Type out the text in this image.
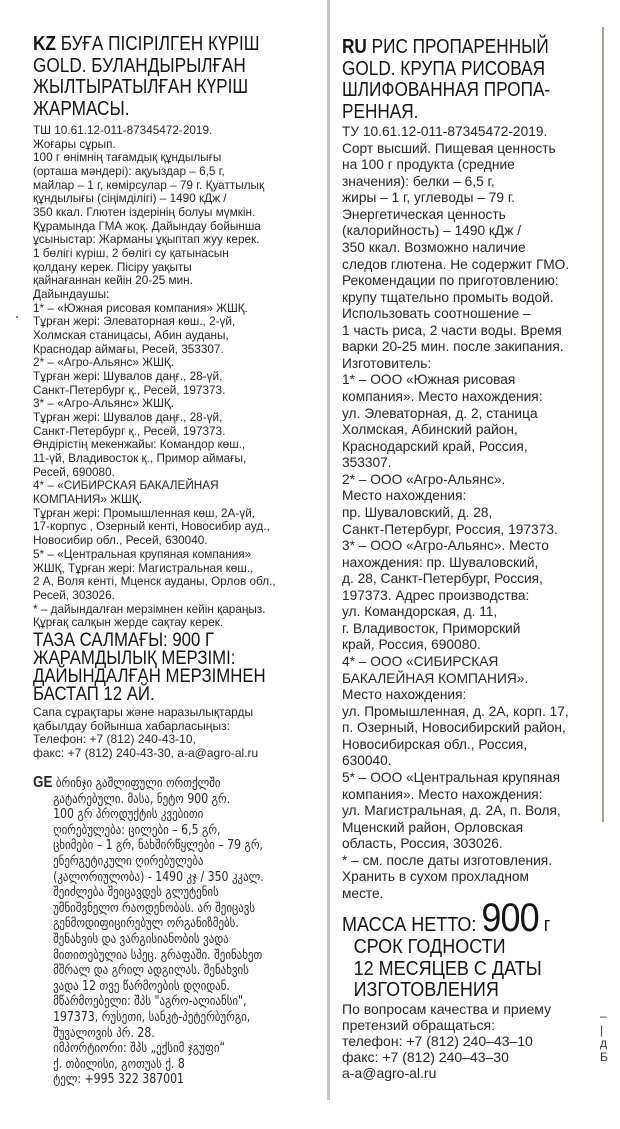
KZ БУҒА ПІСІРІЛГЕН КҮРІШ
GOLD. БУЛАНДЫРЫЛҒАН
ЖЫЛТЫРАТЫЛҒАН КҮРІШ
ЖАРМАСЫ.
ТШ 10.61.12-011-87345472-2019.
Жоғары сұрып.
100 г өнімнің тағамдық құндылығы
(орташа мәндері): ақуыздар – 6,5 г,
майлар – 1 г, көмірсулар – 79 г. Қуаттылық
құндылығы (сіңімділігі) – 1490 кДж /
350 ккал. Глютен іздерінің болуы мүмкін.
Құрамында ГМА жоқ. Дайындау бойынша
ұсыныстар: Жарманы ұқыптап жуу керек.
1 бөлігі күріш, 2 бөлігі су қатынасын
қолдану керек. Пісіру уақыты
қайнағаннан кейін 20-25 мин.
Дайындаушы:
1* – «Южная рисовая компания» ЖШҚ.
Тұрған жері: Элеваторная көш., 2-үй,
Холмская станицасы, Абин ауданы,
Краснодар аймағы, Ресей, 353307.
2* – «Агро-Альянс» ЖШҚ.
Тұрған жері: Шувалов даңғ., 28-үй,
Санкт-Петербург қ., Ресей, 197373.
3* – «Агро-Альянс» ЖШҚ.
Тұрған жері: Шувалов даңғ., 28-үй,
Санкт-Петербург қ., Ресей, 197373.
Өндірістің мекенжайы: Командор көш.,
11-үй, Владивосток қ., Примор аймағы,
Ресей, 690080.
4* – «СИБИРСКАЯ БАКАЛЕЙНАЯ
КОМПАНИЯ» ЖШҚ.
Тұрған жері: Промышленная көш, 2А-үй,
17-корпус , Озерный кенті, Новосибир ауд.,
Новосибир обл., Ресей, 630040.
5* – «Центральная крупяная компания»
ЖШҚ, Тұрған жері: Магистральная көш.,
2 А, Воля кенті, Мценск ауданы, Орлов обл.,
Ресей, 303026.
* – дайындалған мерзімнен кейін қараңыз.
Құрғақ салқын жерде сақтау керек.
ТАЗА САЛМАҒЫ: 900 Г
ЖАРАМДЫЛЫҚ МЕРЗІМІ:
ДАЙЫНДАЛҒАН МЕРЗІМНЕН
БАСТАП 12 АЙ.
Сапа сұрақтары және наразылықтарды
қабылдау бойынша хабарласыңыз:
Телефон: +7 (812) 240-43-10,
факс: +7 (812) 240-43-30, a-a@agro-al.ru
GE ბრინჯი გაშლიფული ორთქლში
გატარებული. მასა, ნეტო 900 გრ.
100 გრ პროდუქტის კვებითი
ღირებულება: ცილები – 6,5 გრ,
ცხიმები – 1 გრ, ნახშირწყლები – 79 გრ,
ენერგეტიკული ღირებულება
(კალორიულობა) - 1490 კჯ / 350 კკალ.
შეიძლება შეიცავდეს გლუტენის
უმნიშვნელო რაოდენობას. არ შეიცავს
გენმოდიფიცირებულ ორგანიზმებს.
შენახვის და ვარგისიანობის ვადა
მითითებულია სპეც. გრაფაში. შეინახეთ
მშრალ და გრილ ადგილას. შენახვის
ვადა 12 თვე წარმოების დღიდან.
მწარმოებელი: შპს "აგრო-ალიანსი",
197373, რუსეთი, სანკტ-პეტერბურგი,
შუვალოვის პრ. 28.
იმპორტიორი: შპს „ექსიმ ჯგუფი“
ქ. თბილისი, გოთუას ქ. 8
ტელ: +995 322 387001
RU РИС ПРОПАРЕННЫЙ
GOLD. КРУПА РИСОВАЯ
ШЛИФОВАННАЯ ПРОПА-
РЕННАЯ.
ТУ 10.61.12-011-87345472-2019.
Сорт высший. Пищевая ценность
на 100 г продукта (средние
значения): белки – 6,5 г,
жиры – 1 г, углеводы – 79 г.
Энергетическая ценность
(калорийность) – 1490 кДж /
350 ккал. Возможно наличие
следов глютена. Не содержит ГМО.
Рекомендации по приготовлению:
крупу тщательно промыть водой.
Использовать соотношение –
1 часть риса, 2 части воды. Время
варки 20-25 мин. после закипания.
Изготовитель:
1* – ООО «Южная рисовая
компания». Место нахождения:
ул. Элеваторная, д. 2, станица
Холмская, Абинский район,
Краснодарский край, Россия,
353307.
2* – ООО «Агро-Альянс».
Место нахождения:
пр. Шуваловский, д. 28,
Санкт-Петербург, Россия, 197373.
3* – ООО «Агро-Альянс». Место
нахождения: пр. Шуваловский,
д. 28, Санкт-Петербург, Россия,
197373. Адрес производства:
ул. Командорская, д. 11,
г. Владивосток, Приморский
край, Россия, 690080.
4* – ООО «СИБИРСКАЯ
БАКАЛЕЙНАЯ КОМПАНИЯ».
Место нахождения:
ул. Промышленная, д. 2А, корп. 17,
п. Озерный, Новосибирский район,
Новосибирская обл., Россия,
630040.
5* – ООО «Центральная крупяная
компания». Место нахождения:
ул. Магистральная, д. 2А, п. Воля,
Мценский район, Орловская
область, Россия, 303026.
* – см. после даты изготовления.
Хранить в сухом прохладном
месте.
МАССА НЕТТО: 900 г
СРОК ГОДНОСТИ
12 МЕСЯЦЕВ С ДАТЫ
ИЗГОТОВЛЕНИЯ
По вопросам качества и приему
претензий обращаться:
телефон: +7 (812) 240–43–10
факс: +7 (812) 240–43–30
a-a@agro-al.ru
–
|
д
Б
